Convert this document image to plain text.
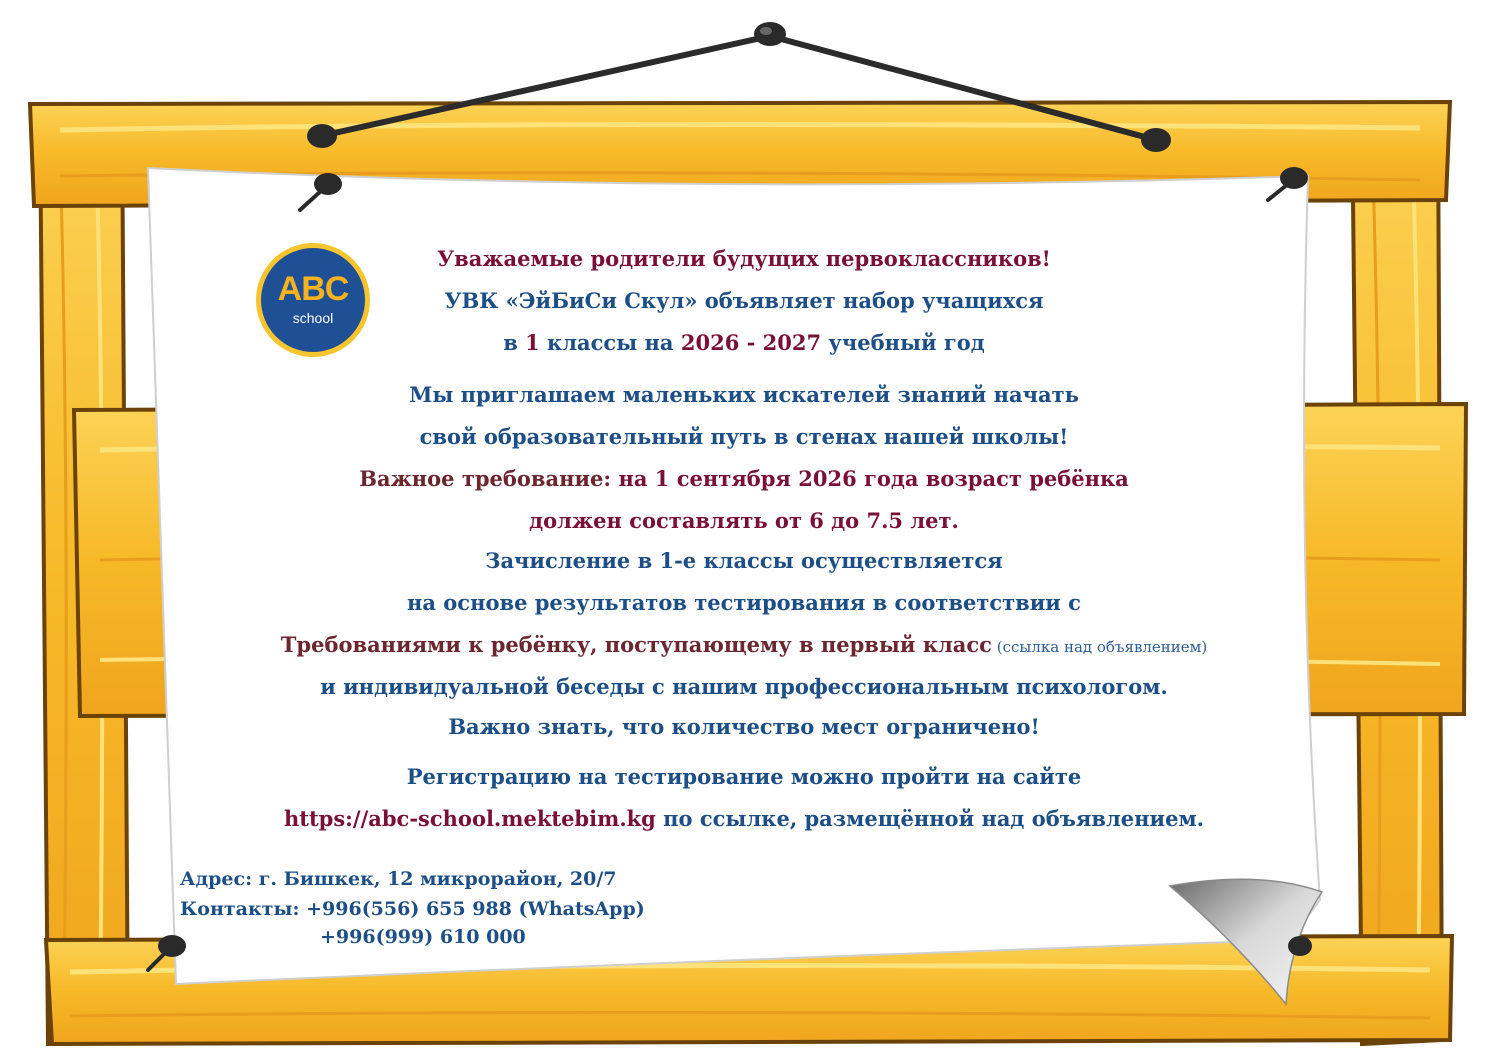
ABC
school
Уважаемые родители будущих первоклассников!
УВК «ЭйБиСи Скул» объявляет набор учащихся
в 1 классы на 2026 - 2027 учебный год
Мы приглашаем маленьких искателей знаний начать
свой образовательный путь в стенах нашей школы!
Важное требование: на 1 сентября 2026 года возраст ребёнка
должен составлять от 6 до 7.5 лет.
Зачисление в 1-е классы осуществляется
на основе результатов тестирования в соответствии с
Требованиями к ребёнку, поступающему в первый класс (ссылка над объявлением)
и индивидуальной беседы с нашим профессиональным психологом.
Важно знать, что количество мест ограничено!
Регистрацию на тестирование можно пройти на сайте
https://abc-school.mektebim.kg по ссылке, размещённой над объявлением.
Адрес: г. Бишкек, 12 микрорайон, 20/7
Контакты: +996(556) 655 988 (WhatsApp)
+996(999) 610 000
